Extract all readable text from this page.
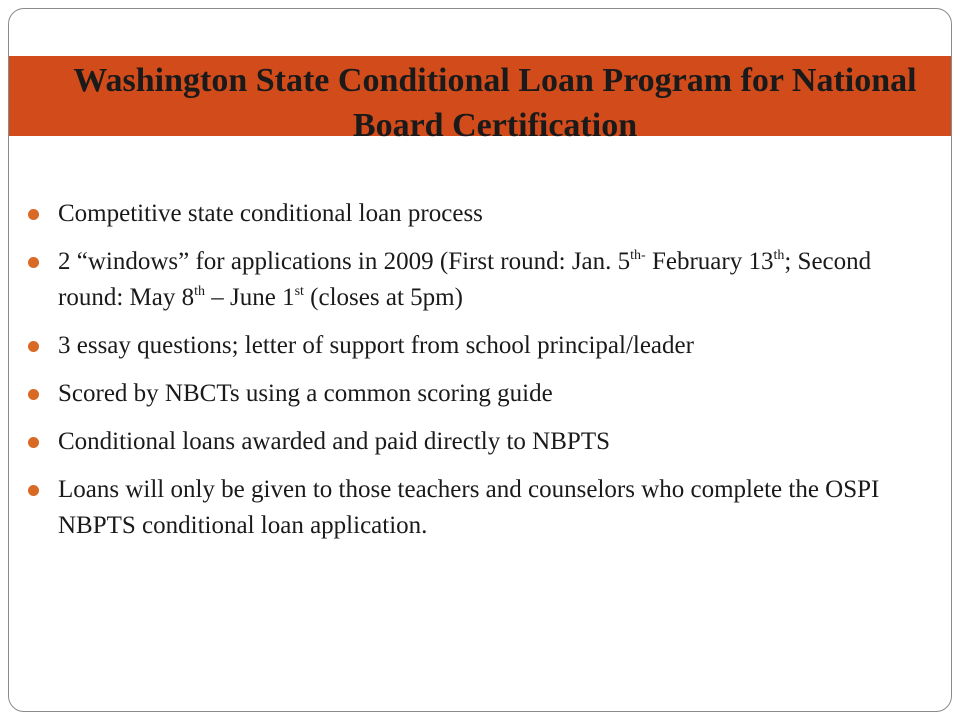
Washington State Conditional Loan Program for National Board Certification
Competitive state conditional loan process
2 “windows” for applications in 2009 (First round: Jan. $5^{th-}$ February 13th; Second round: May 8th – June 1st (closes at 5pm)
3 essay questions; letter of support from school principal/leader
Scored by NBCTs using a common scoring guide
Conditional loans awarded and paid directly to NBPTS
Loans will only be given to those teachers and counselors who complete the OSPI NBPTS conditional loan application.
